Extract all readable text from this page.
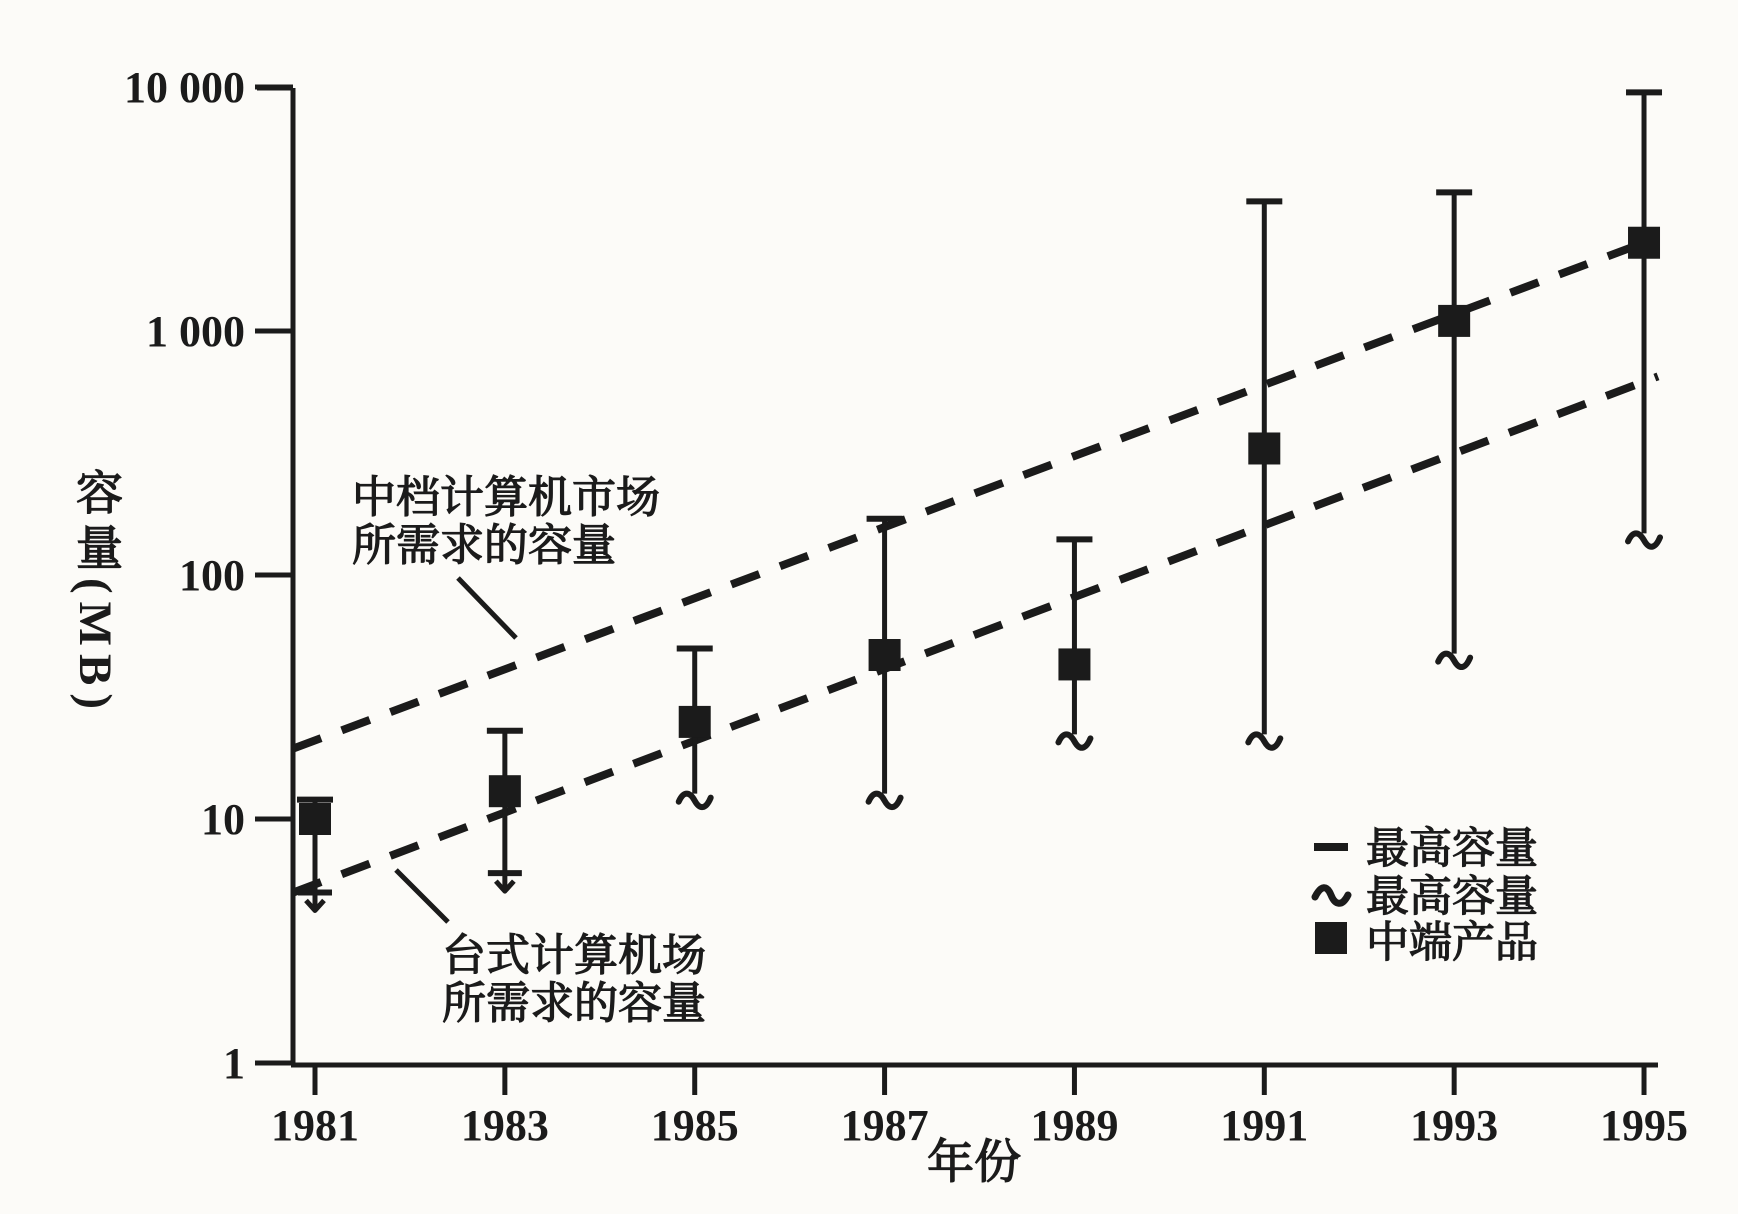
10 000
1 000
100
10
1
1981 1983 1985 1987 1989 1991 1993 1995
年份
中档计算机市场
所需求的容量
台式计算机场
所需求的容量
最高容量
最高容量
中端产品
容量(MB)
